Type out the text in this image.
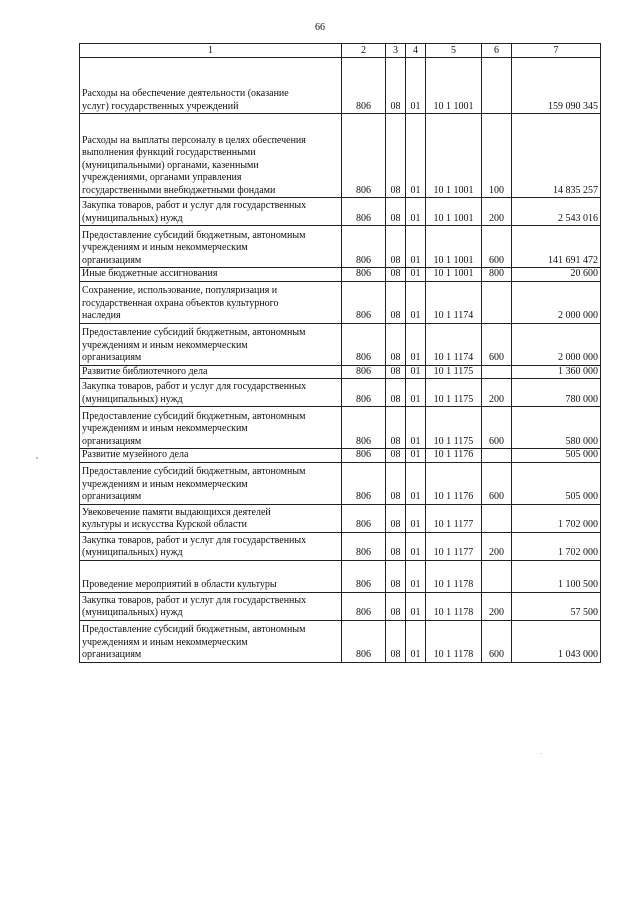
66
1	2	3	4	5	6	7
Расходы на обеспечение деятельности (оказание
услуг) государственных учреждений	806	08	01	10 1 1001		159 090 345
Расходы на выплаты персоналу в целях обеспечения
выполнения функций государственными
(муниципальными) органами, казенными
учреждениями, органами управления
государственными внебюджетными фондами	806	08	01	10 1 1001	100	14 835 257
Закупка товаров, работ и услуг для государственных
(муниципальных) нужд	806	08	01	10 1 1001	200	2 543 016
Предоставление субсидий бюджетным, автономным
учреждениям и иным некоммерческим
организациям	806	08	01	10 1 1001	600	141 691 472
Иные бюджетные ассигнования	806	08	01	10 1 1001	800	20 600
Сохранение, использование, популяризация и
государственная охрана объектов культурного
наследия	806	08	01	10 1 1174		2 000 000
Предоставление субсидий бюджетным, автономным
учреждениям и иным некоммерческим
организациям	806	08	01	10 1 1174	600	2 000 000
Развитие библиотечного дела	806	08	01	10 1 1175		1 360 000
Закупка товаров, работ и услуг для государственных
(муниципальных) нужд	806	08	01	10 1 1175	200	780 000
Предоставление субсидий бюджетным, автономным
учреждениям и иным некоммерческим
организациям	806	08	01	10 1 1175	600	580 000
Развитие музейного дела	806	08	01	10 1 1176		505 000
Предоставление субсидий бюджетным, автономным
учреждениям и иным некоммерческим
организациям	806	08	01	10 1 1176	600	505 000
Увековечение памяти выдающихся деятелей
культуры и искусства Курской области	806	08	01	10 1 1177		1 702 000
Закупка товаров, работ и услуг для государственных
(муниципальных) нужд	806	08	01	10 1 1177	200	1 702 000
Проведение мероприятий в области культуры	806	08	01	10 1 1178		1 100 500
Закупка товаров, работ и услуг для государственных
(муниципальных) нужд	806	08	01	10 1 1178	200	57 500
Предоставление субсидий бюджетным, автономным
учреждениям и иным некоммерческим
организациям	806	08	01	10 1 1178	600	1 043 000
,
.
